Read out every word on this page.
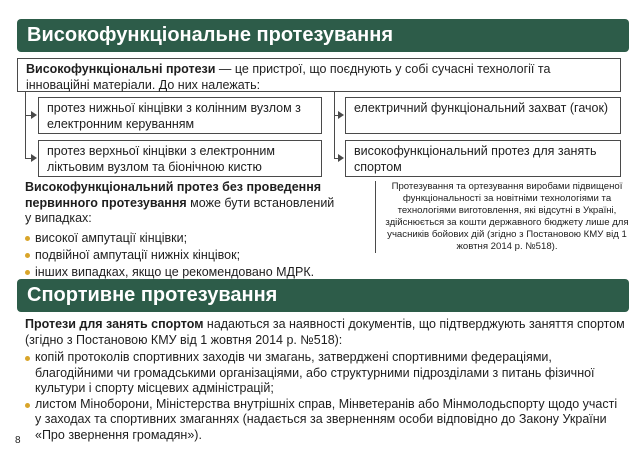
Високофункціональне протезування
Високофункціональні протези — це пристрої, що поєднують у собі сучасні технології та інноваційні матеріали. До них належать:
протез нижньої кінцівки з колінним вузлом з електронним керуванням
протез верхньої кінцівки з електронним ліктьовим вузлом та біонічною кистю
електричний функціональний захват (гачок)
високофункціональний протез для занять спортом
Високофункціональний протез без проведення первинного протезування може бути встановлений у випадках:
високої ампутації кінцівки;
подвійної ампутації нижніх кінцівок;
інших випадках, якщо це рекомендовано МДРК.
Протезування та ортезування виробами підвищеної функціональності за новітніми технологіями та технологіями виготовлення, які відсутні в Україні, здійснюється за кошти державного бюджету лише для учасників бойових дій (згідно з Постановою КМУ від 1 жовтня 2014 р. №518).
Спортивне протезування
Протези для занять спортом надаються за наявності документів, що підтверджують заняття спортом (згідно з Постановою КМУ від 1 жовтня 2014 р. №518):
копій протоколів спортивних заходів чи змагань, затверджені спортивними федераціями, благодійними чи громадськими організаціями, або структурними підрозділами з питань фізичної культури і спорту місцевих адміністрацій;
листом Міноборони, Міністерства внутрішніх справ, Мінветеранів або Мінмолодьспорту щодо участі у заходах та спортивних змаганнях (надається за зверненням особи відповідно до Закону України «Про звернення громадян»).
8
